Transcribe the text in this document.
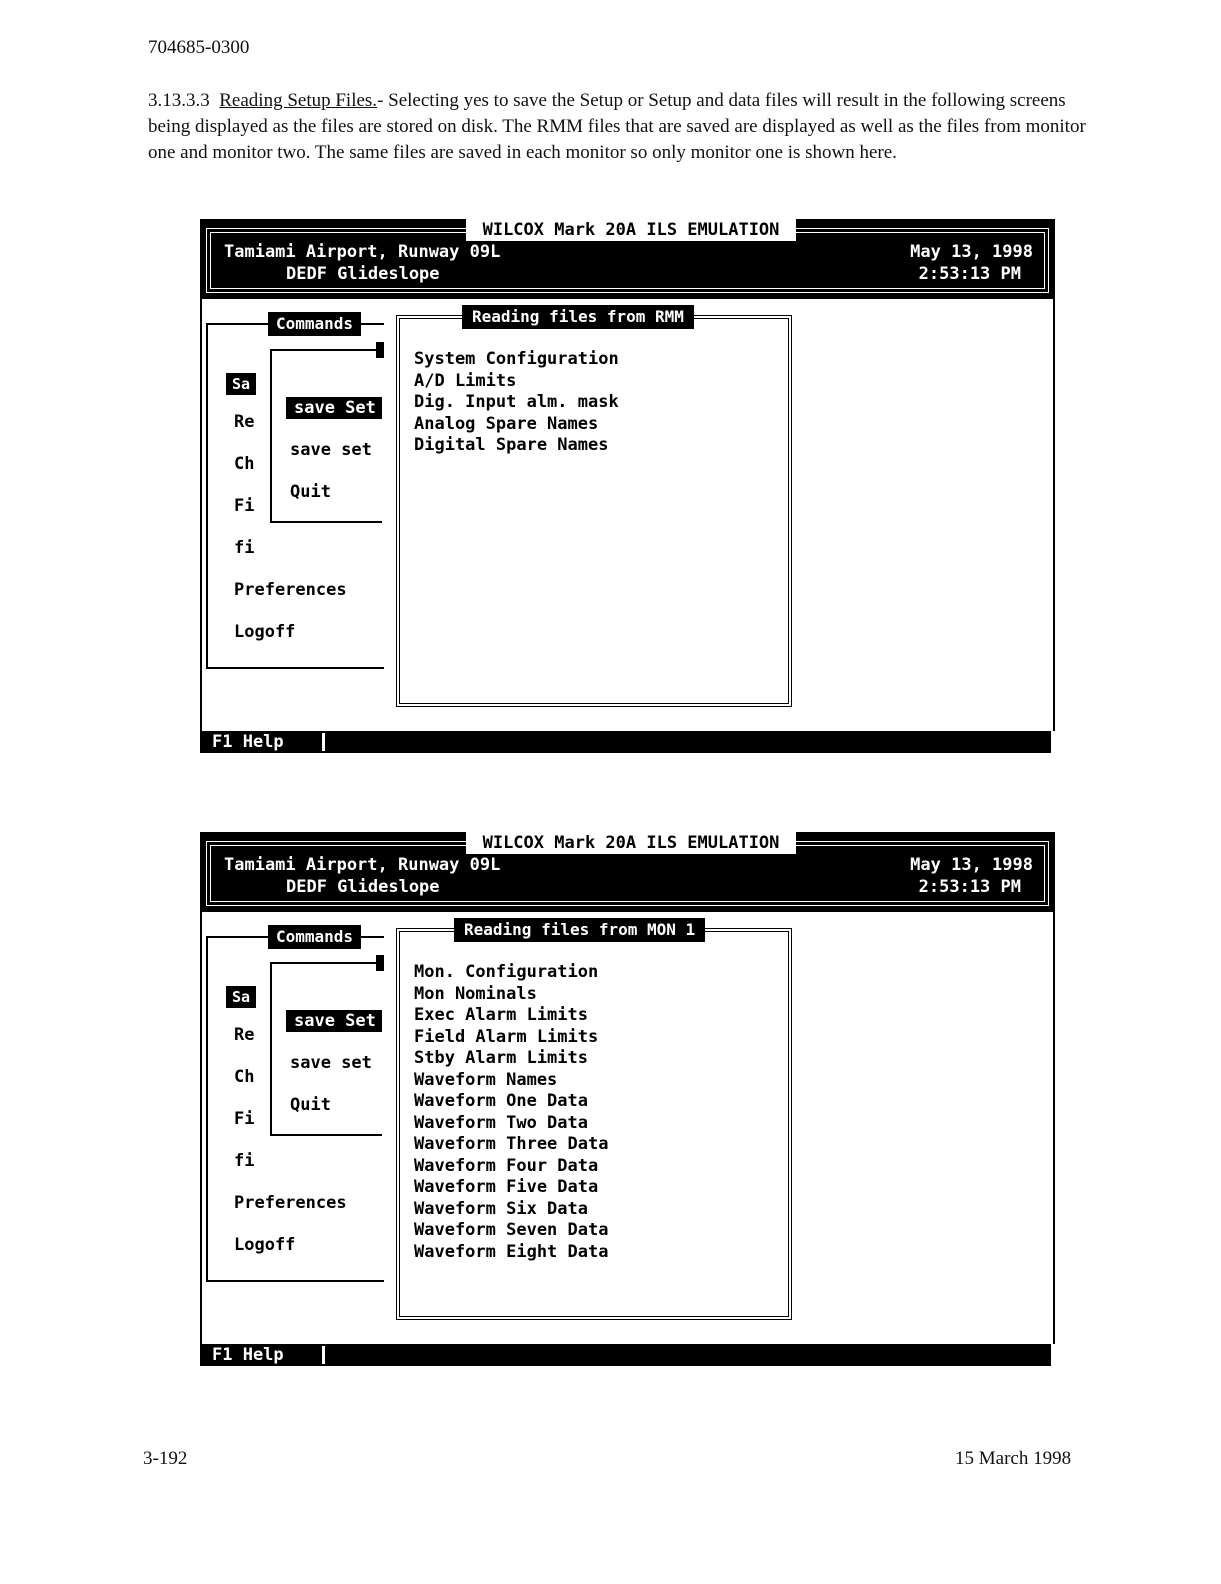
704685-0300
3.13.3.3 Reading Setup Files.- Selecting yes to save the Setup or Setup and data files will result in the following screens being displayed as the files are stored on disk. The RMM files that are saved are displayed as well as the files from monitor one and monitor two. The same files are saved in each monitor so only monitor one is shown here.
WILCOX Mark 20A ILS EMULATION
Tamiami Airport, Runway 09L
DEDF Glideslope
May 13, 1998
2:53:13 PM
Commands
Sa
Re
Ch
Fi
fi
Preferences
Logoff
save Set
save set
Quit
Reading files from RMM
System Configuration
A/D Limits
Dig. Input alm. mask
Analog Spare Names
Digital Spare Names
F1 Help
WILCOX Mark 20A ILS EMULATION
Tamiami Airport, Runway 09L
DEDF Glideslope
May 13, 1998
2:53:13 PM
Commands
Sa
Re
Ch
Fi
fi
Preferences
Logoff
save Set
save set
Quit
Reading files from MON 1
Mon. Configuration
Mon Nominals
Exec Alarm Limits
Field Alarm Limits
Stby Alarm Limits
Waveform Names
Waveform One Data
Waveform Two Data
Waveform Three Data
Waveform Four Data
Waveform Five Data
Waveform Six Data
Waveform Seven Data
Waveform Eight Data
F1 Help
3-192	15 March 1998
